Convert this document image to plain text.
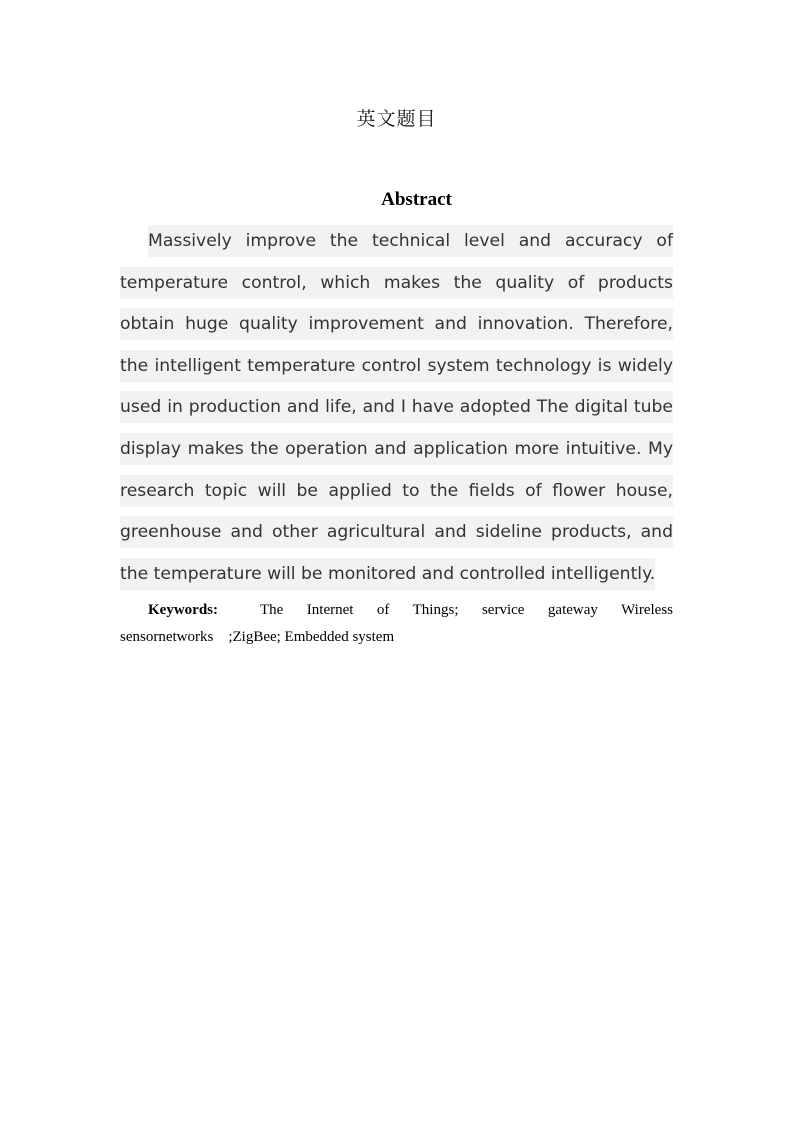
英文题目
Abstract

Massively improve the technical level and accuracy of temperature control, which makes the quality of products obtain huge quality improvement and innovation. Therefore, the intelligent temperature control system technology is widely used in production and life, and I have adopted The digital tube display makes the operation and application more intuitive. My research topic will be applied to the fields of flower house, greenhouse and other agricultural and sideline products, and the temperature will be monitored and controlled intelligently.

Keywords:	The Internet of Things; service gateway Wireless sensornetworks　;ZigBee; Embedded system
